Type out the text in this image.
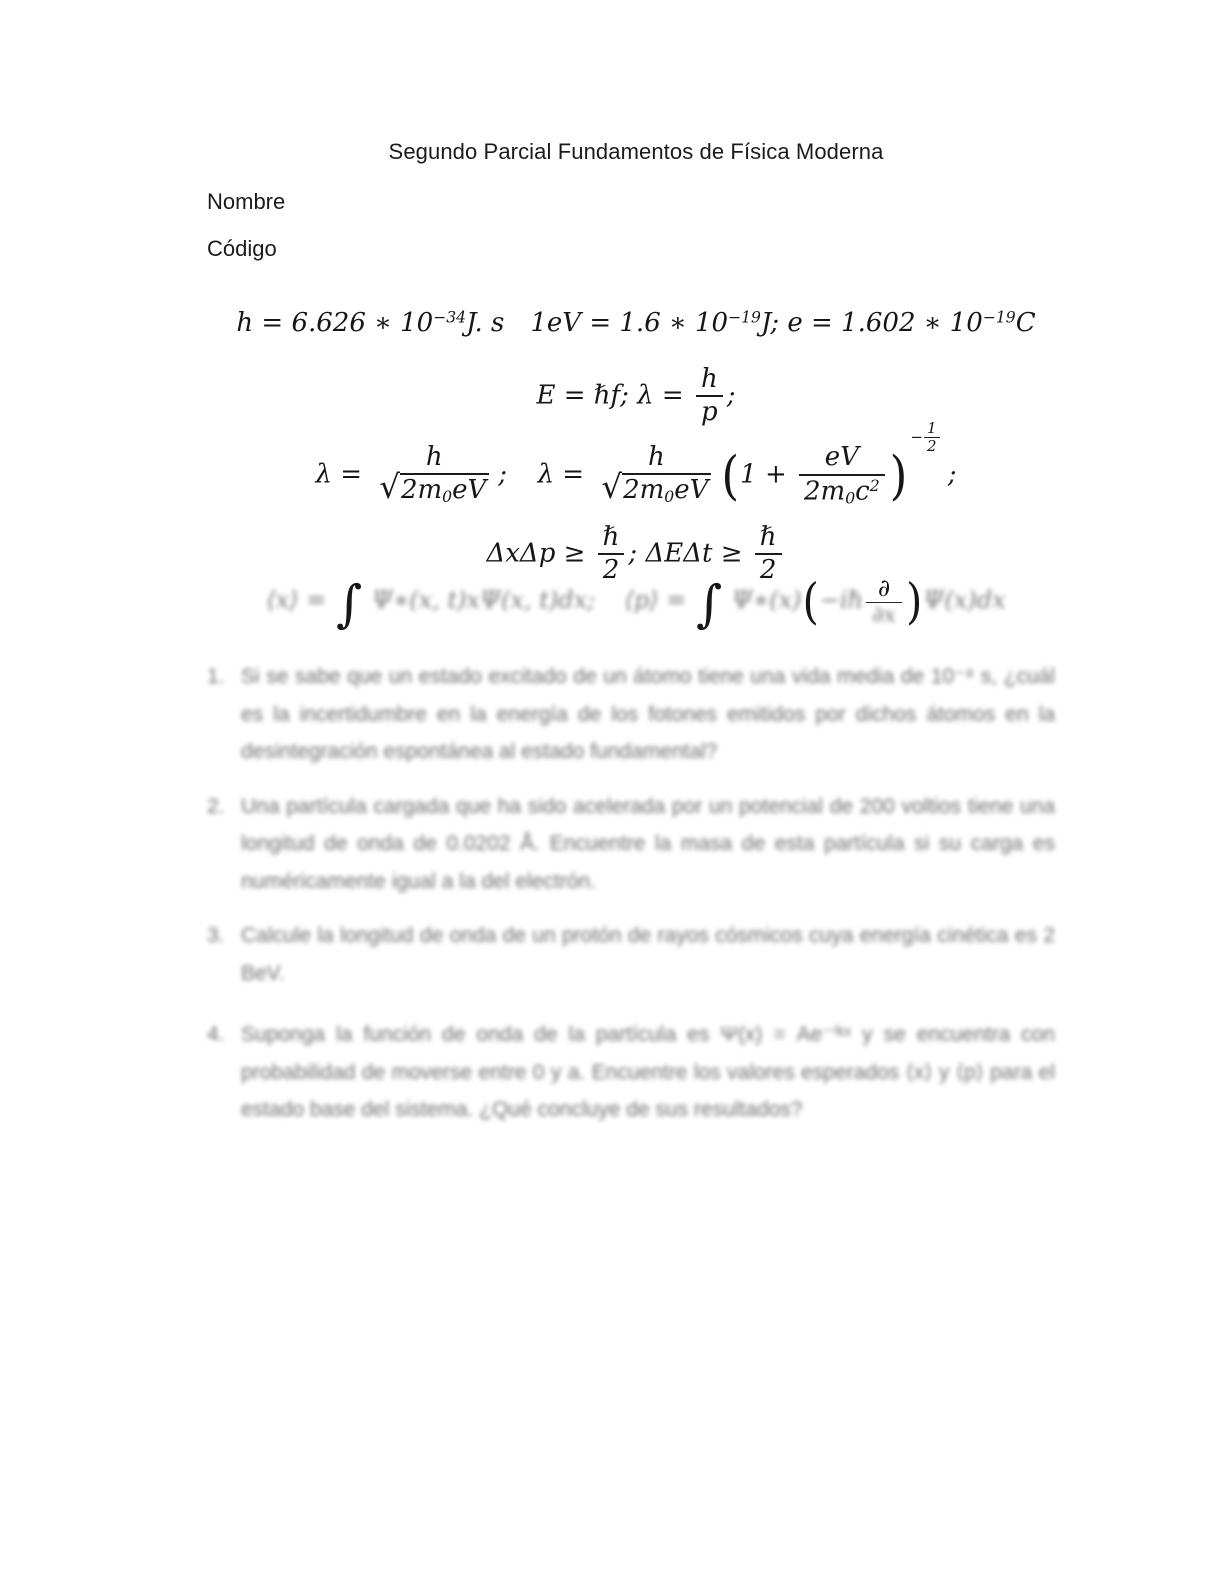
Segundo Parcial Fundamentos de Física Moderna
Nombre
Código
h = 6.626 ∗ $10^{-34}J$. s 1eV = 1.6 ∗ $10^{-19}J$; e = 1.602 ∗ $10^{-19}C$
E = ℏf; $\lambda = \frac{h}{p}$ ;
λ =
h
√ $2m_0eV$
; λ =
h
√ $2m_0eV$ ($1 + \frac{eV}{2m_0c^2}$ )
− $\frac{1}{2}$
;
$\Delta x\Delta p \ge \frac{\text{ℏ}}{2}$ ; $\Delta E\Delta t \ge \frac{\text{ℏ}}{2}$
⟨x⟩ = ∫ Ψ∗(x, t)xΨ(x, t)dx; ⟨p⟩ = ∫ Ψ∗(x)(−iℏ ∂
∂x )Ψ(x)dx
1. Si se sabe que un estado excitado de un átomo tiene una vida media de 10⁻⁸ s, ¿cuál es la incertidumbre en la energía de los fotones emitidos por dichos átomos en la desintegración espontánea al estado fundamental?
2. Una partícula cargada que ha sido acelerada por un potencial de 200 voltios tiene una longitud de onda de 0.0202 Å. Encuentre la masa de esta partícula si su carga es numéricamente igual a la del electrón.
3. Calcule la longitud de onda de un protón de rayos cósmicos cuya energía cinética es 2 BeV.
4. Suponga la función de onda de la partícula es Ψ(x) = Ae⁻ⁱᵏˣ y se encuentra con probabilidad de moverse entre 0 y a. Encuentre los valores esperados ⟨x⟩ y ⟨p⟩ para el estado base del sistema. ¿Qué concluye de sus resultados?
